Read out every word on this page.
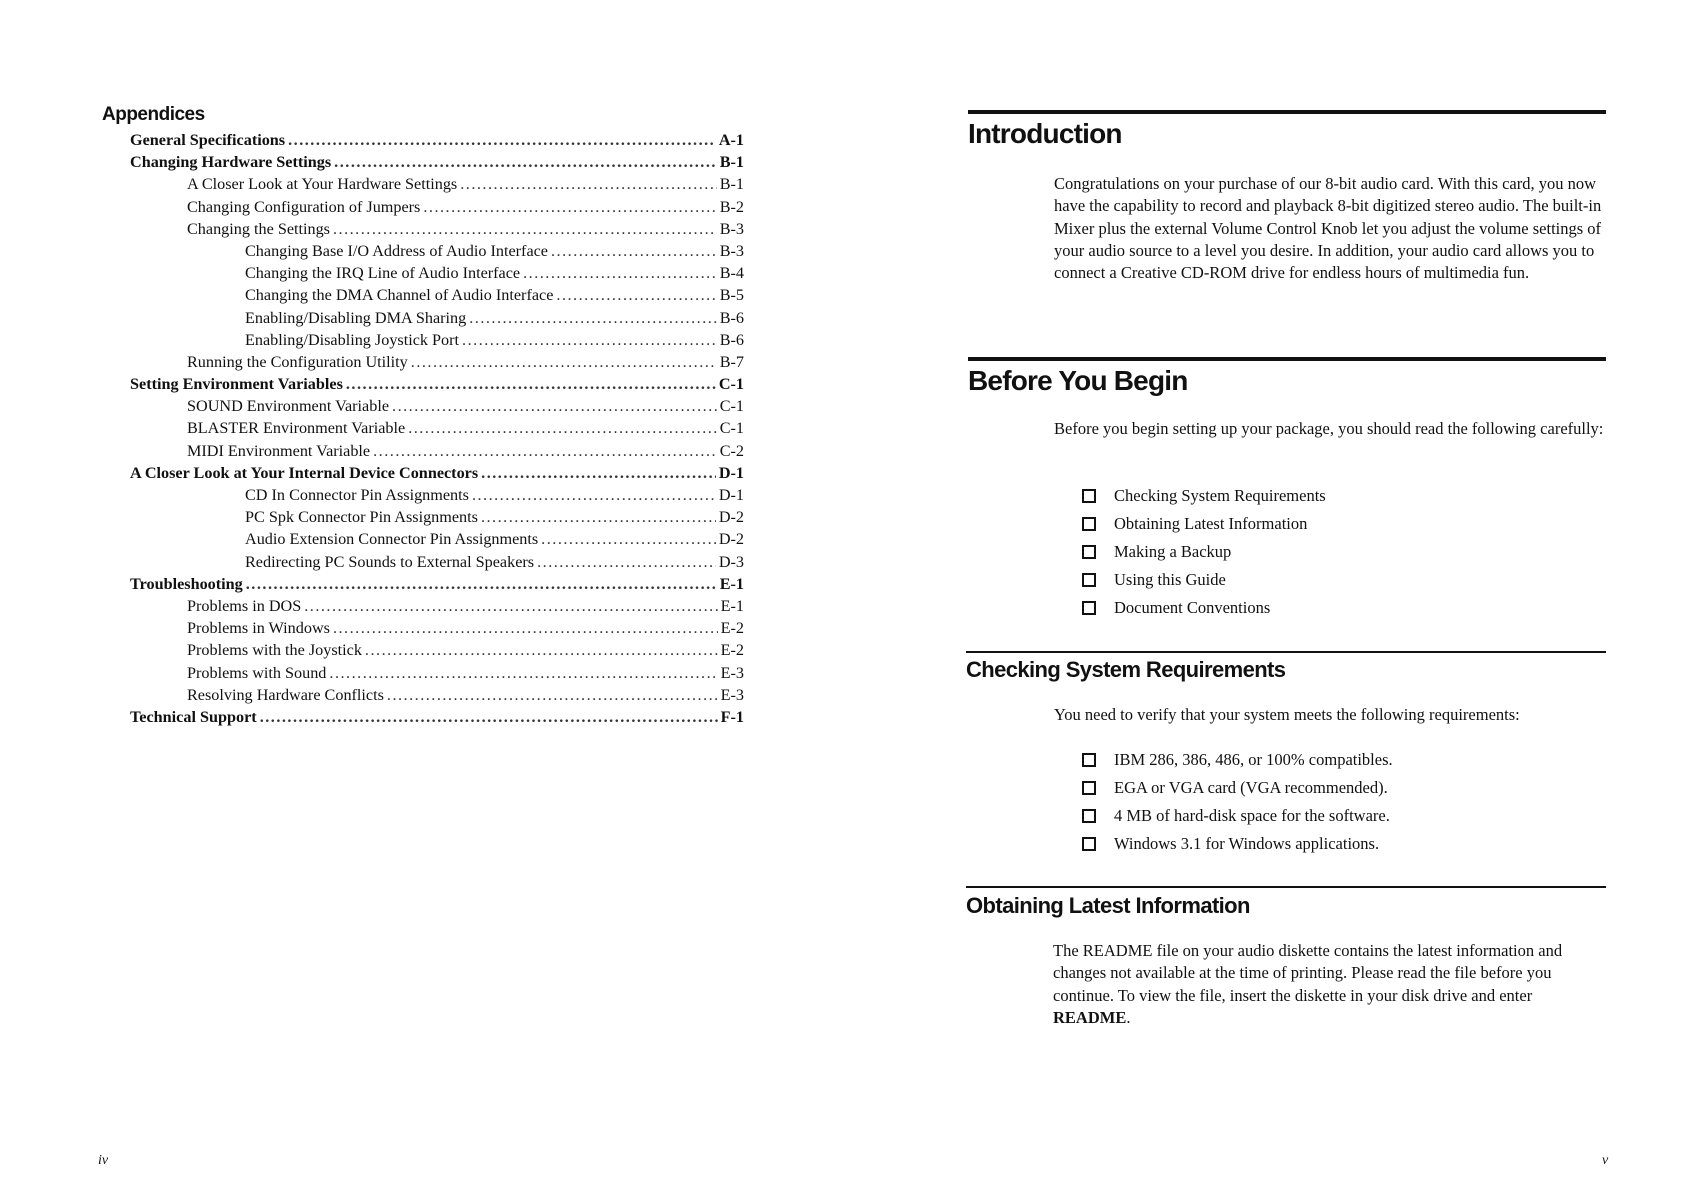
Appendices
General Specifications .....	A-1
Changing Hardware Settings .....	B-1
A Closer Look at Your Hardware Settings .....	B-1
Changing Configuration of Jumpers .....	B-2
Changing the Settings .....	B-3
Changing Base I/O Address of Audio Interface .....	B-3
Changing the IRQ Line of Audio Interface .....	B-4
Changing the DMA Channel of Audio Interface .....	B-5
Enabling/Disabling DMA Sharing .....	B-6
Enabling/Disabling Joystick Port .....	B-6
Running the Configuration Utility .....	B-7
Setting Environment Variables .....	C-1
SOUND Environment Variable .....	C-1
BLASTER Environment Variable .....	C-1
MIDI Environment Variable .....	C-2
A Closer Look at Your Internal Device Connectors .....	D-1
CD In Connector Pin Assignments .....	D-1
PC Spk Connector Pin Assignments .....	D-2
Audio Extension Connector Pin Assignments .....	D-2
Redirecting PC Sounds to External Speakers .....	D-3
Troubleshooting .....	E-1
Problems in DOS .....	E-1
Problems in Windows .....	E-2
Problems with the Joystick .....	E-2
Problems with Sound .....	E-3
Resolving Hardware Conflicts .....	E-3
Technical Support .....	F-1
iv
Introduction

Congratulations on your purchase of our 8-bit audio card. With this card, you now have the capability to record and playback 8-bit digitized stereo audio. The built-in Mixer plus the external Volume Control Knob let you adjust the volume settings of your audio source to a level you desire. In addition, your audio card allows you to connect a Creative CD-ROM drive for endless hours of multimedia fun.

Before You Begin

Before you begin setting up your package, you should read the following carefully:

Checking System Requirements
Obtaining Latest Information
Making a Backup
Using this Guide
Document Conventions
Checking System Requirements

You need to verify that your system meets the following requirements:

IBM 286, 386, 486, or 100% compatibles.
EGA or VGA card (VGA recommended).
4 MB of hard-disk space for the software.
Windows 3.1 for Windows applications.
Obtaining Latest Information

The README file on your audio diskette contains the latest information and changes not available at the time of printing. Please read the file before you continue. To view the file, insert the diskette in your disk drive and enter README.

v
